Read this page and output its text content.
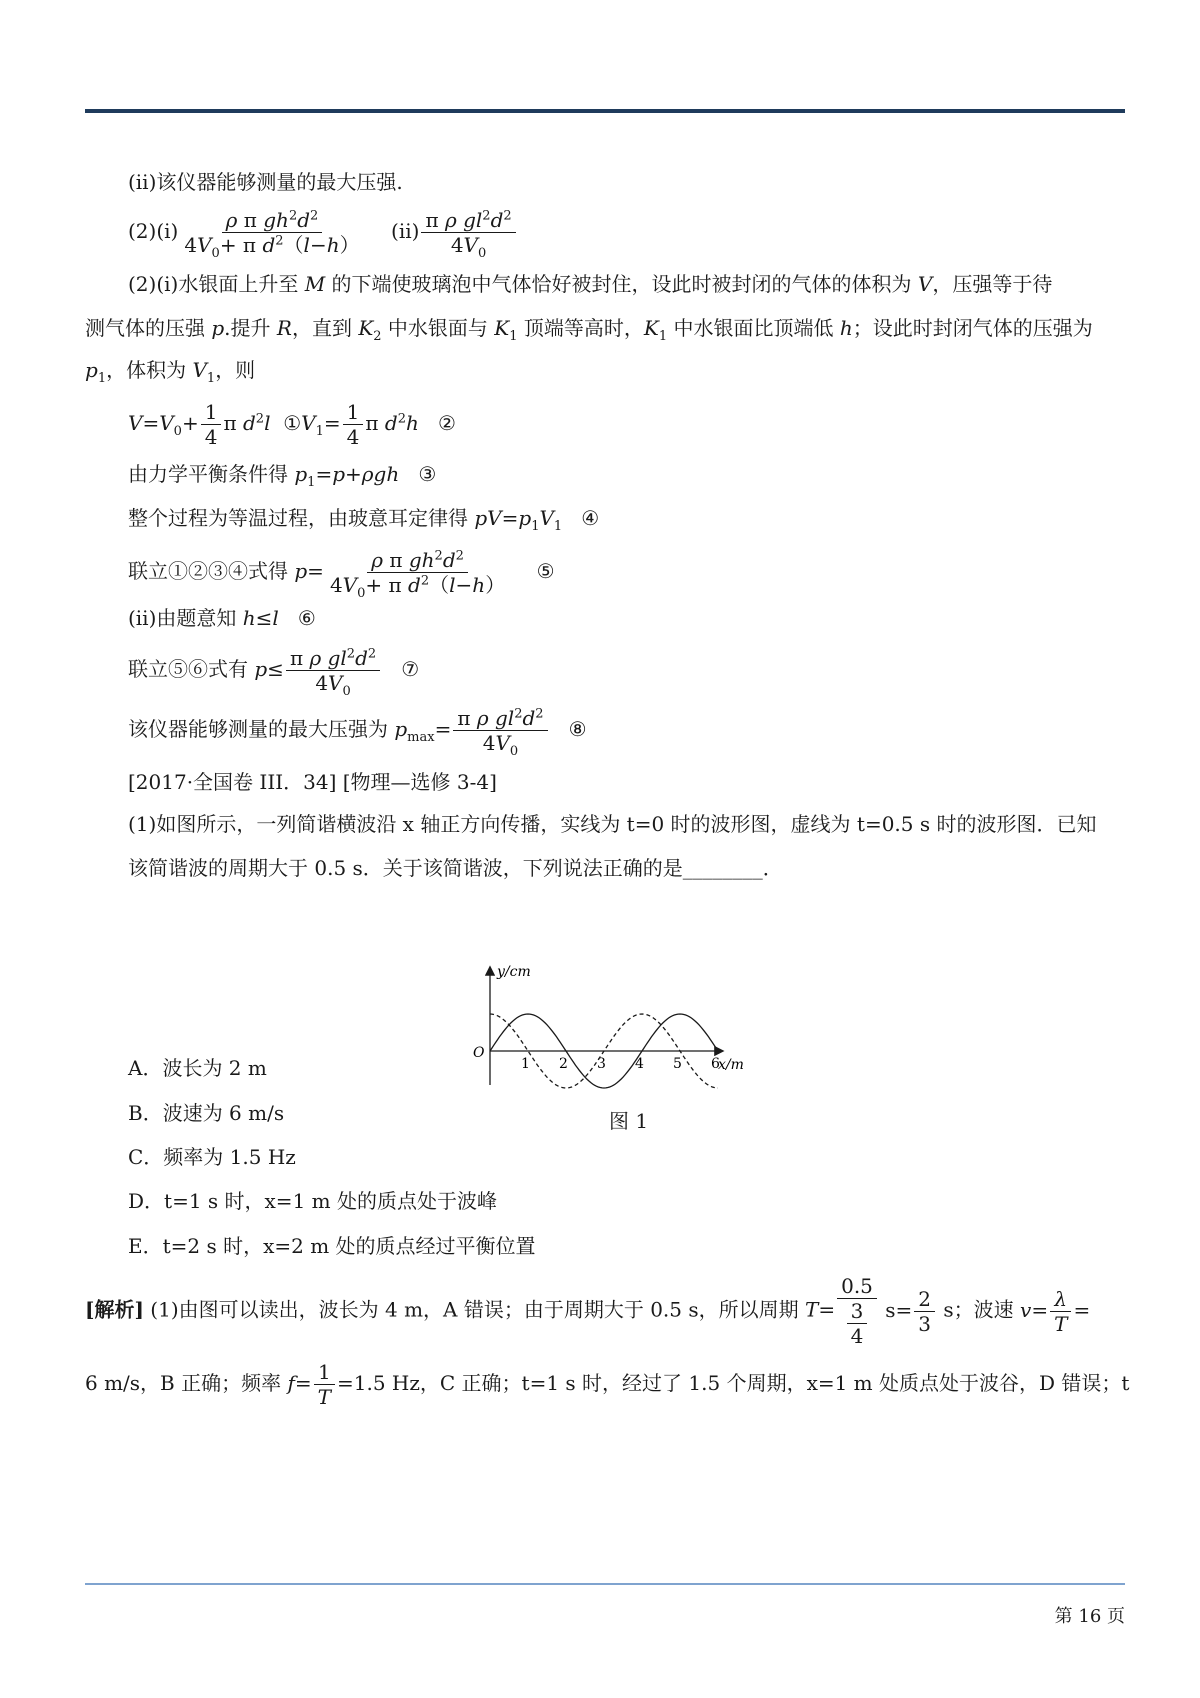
(ⅱ)该仪器能够测量的最大压强.
(2)(ⅰ) $\frac{\rho \pi gh^2d^2}{4V_0+ \pi d^2(l-h)}$ (ⅱ) $\frac{\pi \rho gl^2d^2}{4V_0}$
(2)(ⅰ)水银面上升至 M 的下端使玻璃泡中气体恰好被封住，设此时被封闭的气体的体积为 V，压强等于待
测气体的压强 p.提升 R，直到 $K_2$ 中水银面与 $K_1$ 顶端等高时，$K_1$ 中水银面比顶端低 h；设此时封闭气体的压强为
$p_1$，体积为 $V_1$，则
$V=V_0+ \frac{1}{4}$ π $d^2l$ $①V_1= \frac{1}{4}$ π $d^2h$ ②
由力学平衡条件得 $p_1=p+\rho gh$ ③
整个过程为等温过程，由玻意耳定律得 $pV=p_1V_1$ ④
联立①②③④式得 $p= \frac{\rho \pi gh^2d^2}{4V_0+ \pi d^2(l-h)}$ ⑤
(ⅱ)由题意知 h≤l ⑥
联立⑤⑥式有 $p\le \frac{\pi \rho gl^2d^2}{4V_0}$ ⑦
该仪器能够测量的最大压强为 $p_{max}= \frac{\pi \rho gl^2d^2}{4V_0}$ ⑧
[2017·全国卷 III．34] [物理—选修 3-4]
(1)如图所示，一列简谐横波沿 x 轴正方向传播，实线为 t=0 时的波形图，虚线为 t=0.5 s 时的波形图．已知
该简谐波的周期大于 0.5 s．关于该简谐波，下列说法正确的是________．
y/cm
x/m
O
1 2 3 4 5 6
图 1
A．波长为 2 m
B．波速为 6 m/s
C．频率为 1.5 Hz
D．t=1 s 时，x=1 m 处的质点处于波峰
E．t=2 s 时，x=2 m 处的质点经过平衡位置
[解析] (1)由图可以读出，波长为 4 m，A 错误；由于周期大于 0.5 s，所以周期 $T= \frac{0.5}{\frac{3}{4}} s= \frac{2}{3}$ s；波速 $v= \frac{\lambda}{T}$ =
6 m/s，B 正确；频率 $f= \frac{1}{T} =1.5$ Hz，C 正确；t=1 s 时，经过了 1.5 个周期，x=1 m 处质点处于波谷，D 错误；t
第 16 页
